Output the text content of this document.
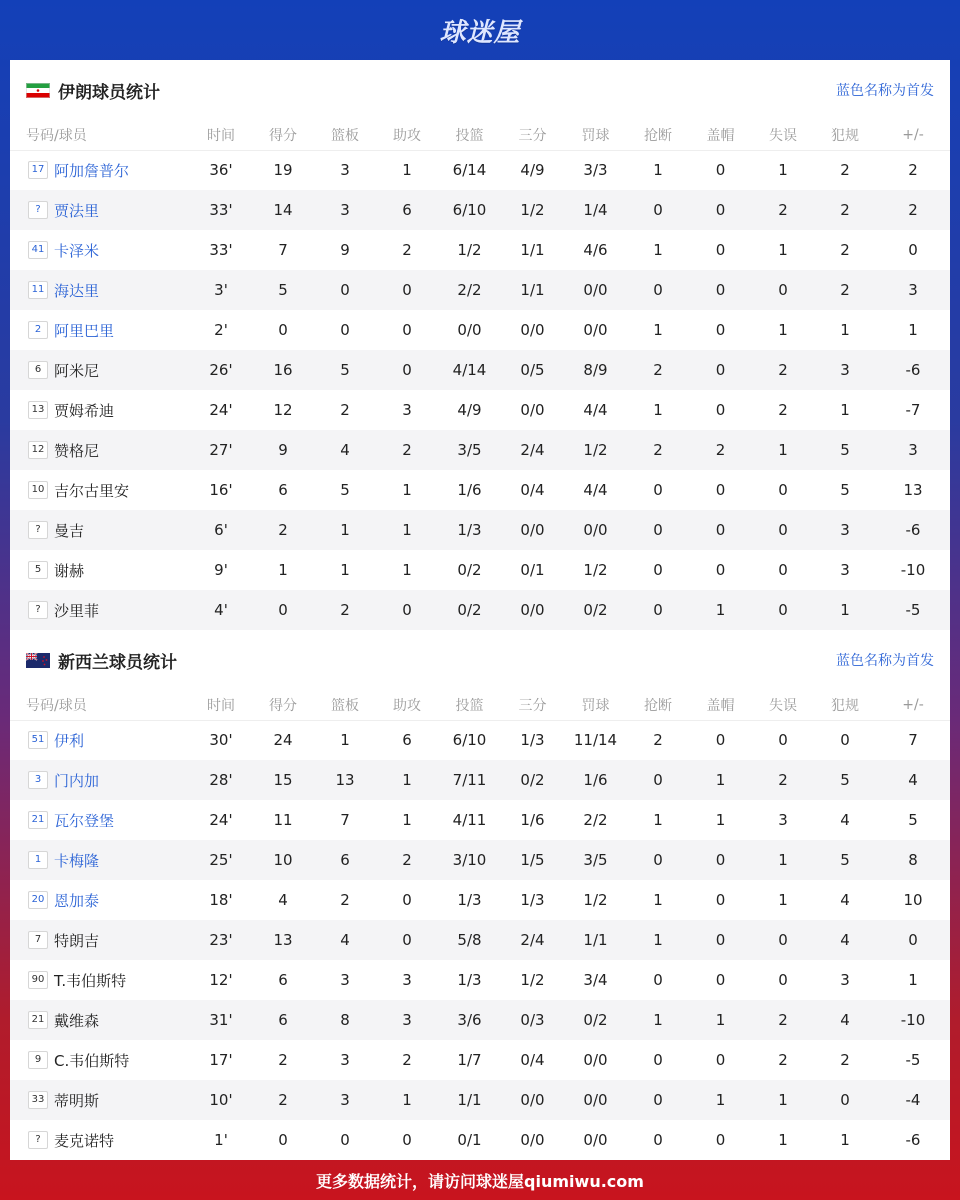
球迷屋
伊朗球员统计	蓝色名称为首发
号码/球员	时间	得分	篮板	助攻	投篮	三分	罚球	抢断	盖帽	失误	犯规	+/-
17 阿加詹普尔	36'	19	3	1	6/14	4/9	3/3	1	0	1	2	2
? 贾法里	33'	14	3	6	6/10	1/2	1/4	0	0	2	2	2
41 卡泽米	33'	7	9	2	1/2	1/1	4/6	1	0	1	2	0
11 海达里	3'	5	0	0	2/2	1/1	0/0	0	0	0	2	3
2 阿里巴里	2'	0	0	0	0/0	0/0	0/0	1	0	1	1	1
6 阿米尼	26'	16	5	0	4/14	0/5	8/9	2	0	2	3	-6
13 贾姆希迪	24'	12	2	3	4/9	0/0	4/4	1	0	2	1	-7
12 赞格尼	27'	9	4	2	3/5	2/4	1/2	2	2	1	5	3
10 吉尔古里安	16'	6	5	1	1/6	0/4	4/4	0	0	0	5	13
? 曼吉	6'	2	1	1	1/3	0/0	0/0	0	0	0	3	-6
5 谢赫	9'	1	1	1	0/2	0/1	1/2	0	0	0	3	-10
? 沙里菲	4'	0	2	0	0/2	0/0	0/2	0	1	0	1	-5
新西兰球员统计	蓝色名称为首发
号码/球员	时间	得分	篮板	助攻	投篮	三分	罚球	抢断	盖帽	失误	犯规	+/-
51 伊利	30'	24	1	6	6/10	1/3	11/14	2	0	0	0	7
3 门内加	28'	15	13	1	7/11	0/2	1/6	0	1	2	5	4
21 瓦尔登堡	24'	11	7	1	4/11	1/6	2/2	1	1	3	4	5
1 卡梅隆	25'	10	6	2	3/10	1/5	3/5	0	0	1	5	8
20 恩加泰	18'	4	2	0	1/3	1/3	1/2	1	0	1	4	10
7 特朗吉	23'	13	4	0	5/8	2/4	1/1	1	0	0	4	0
90 T.韦伯斯特	12'	6	3	3	1/3	1/2	3/4	0	0	0	3	1
21 戴维森	31'	6	8	3	3/6	0/3	0/2	1	1	2	4	-10
9 C.韦伯斯特	17'	2	3	2	1/7	0/4	0/0	0	0	2	2	-5
33 蒂明斯	10'	2	3	1	1/1	0/0	0/0	0	1	1	0	-4
? 麦克诺特	1'	0	0	0	0/1	0/0	0/0	0	0	1	1	-6
更多数据统计，请访问球迷屋qiumiwu.com
